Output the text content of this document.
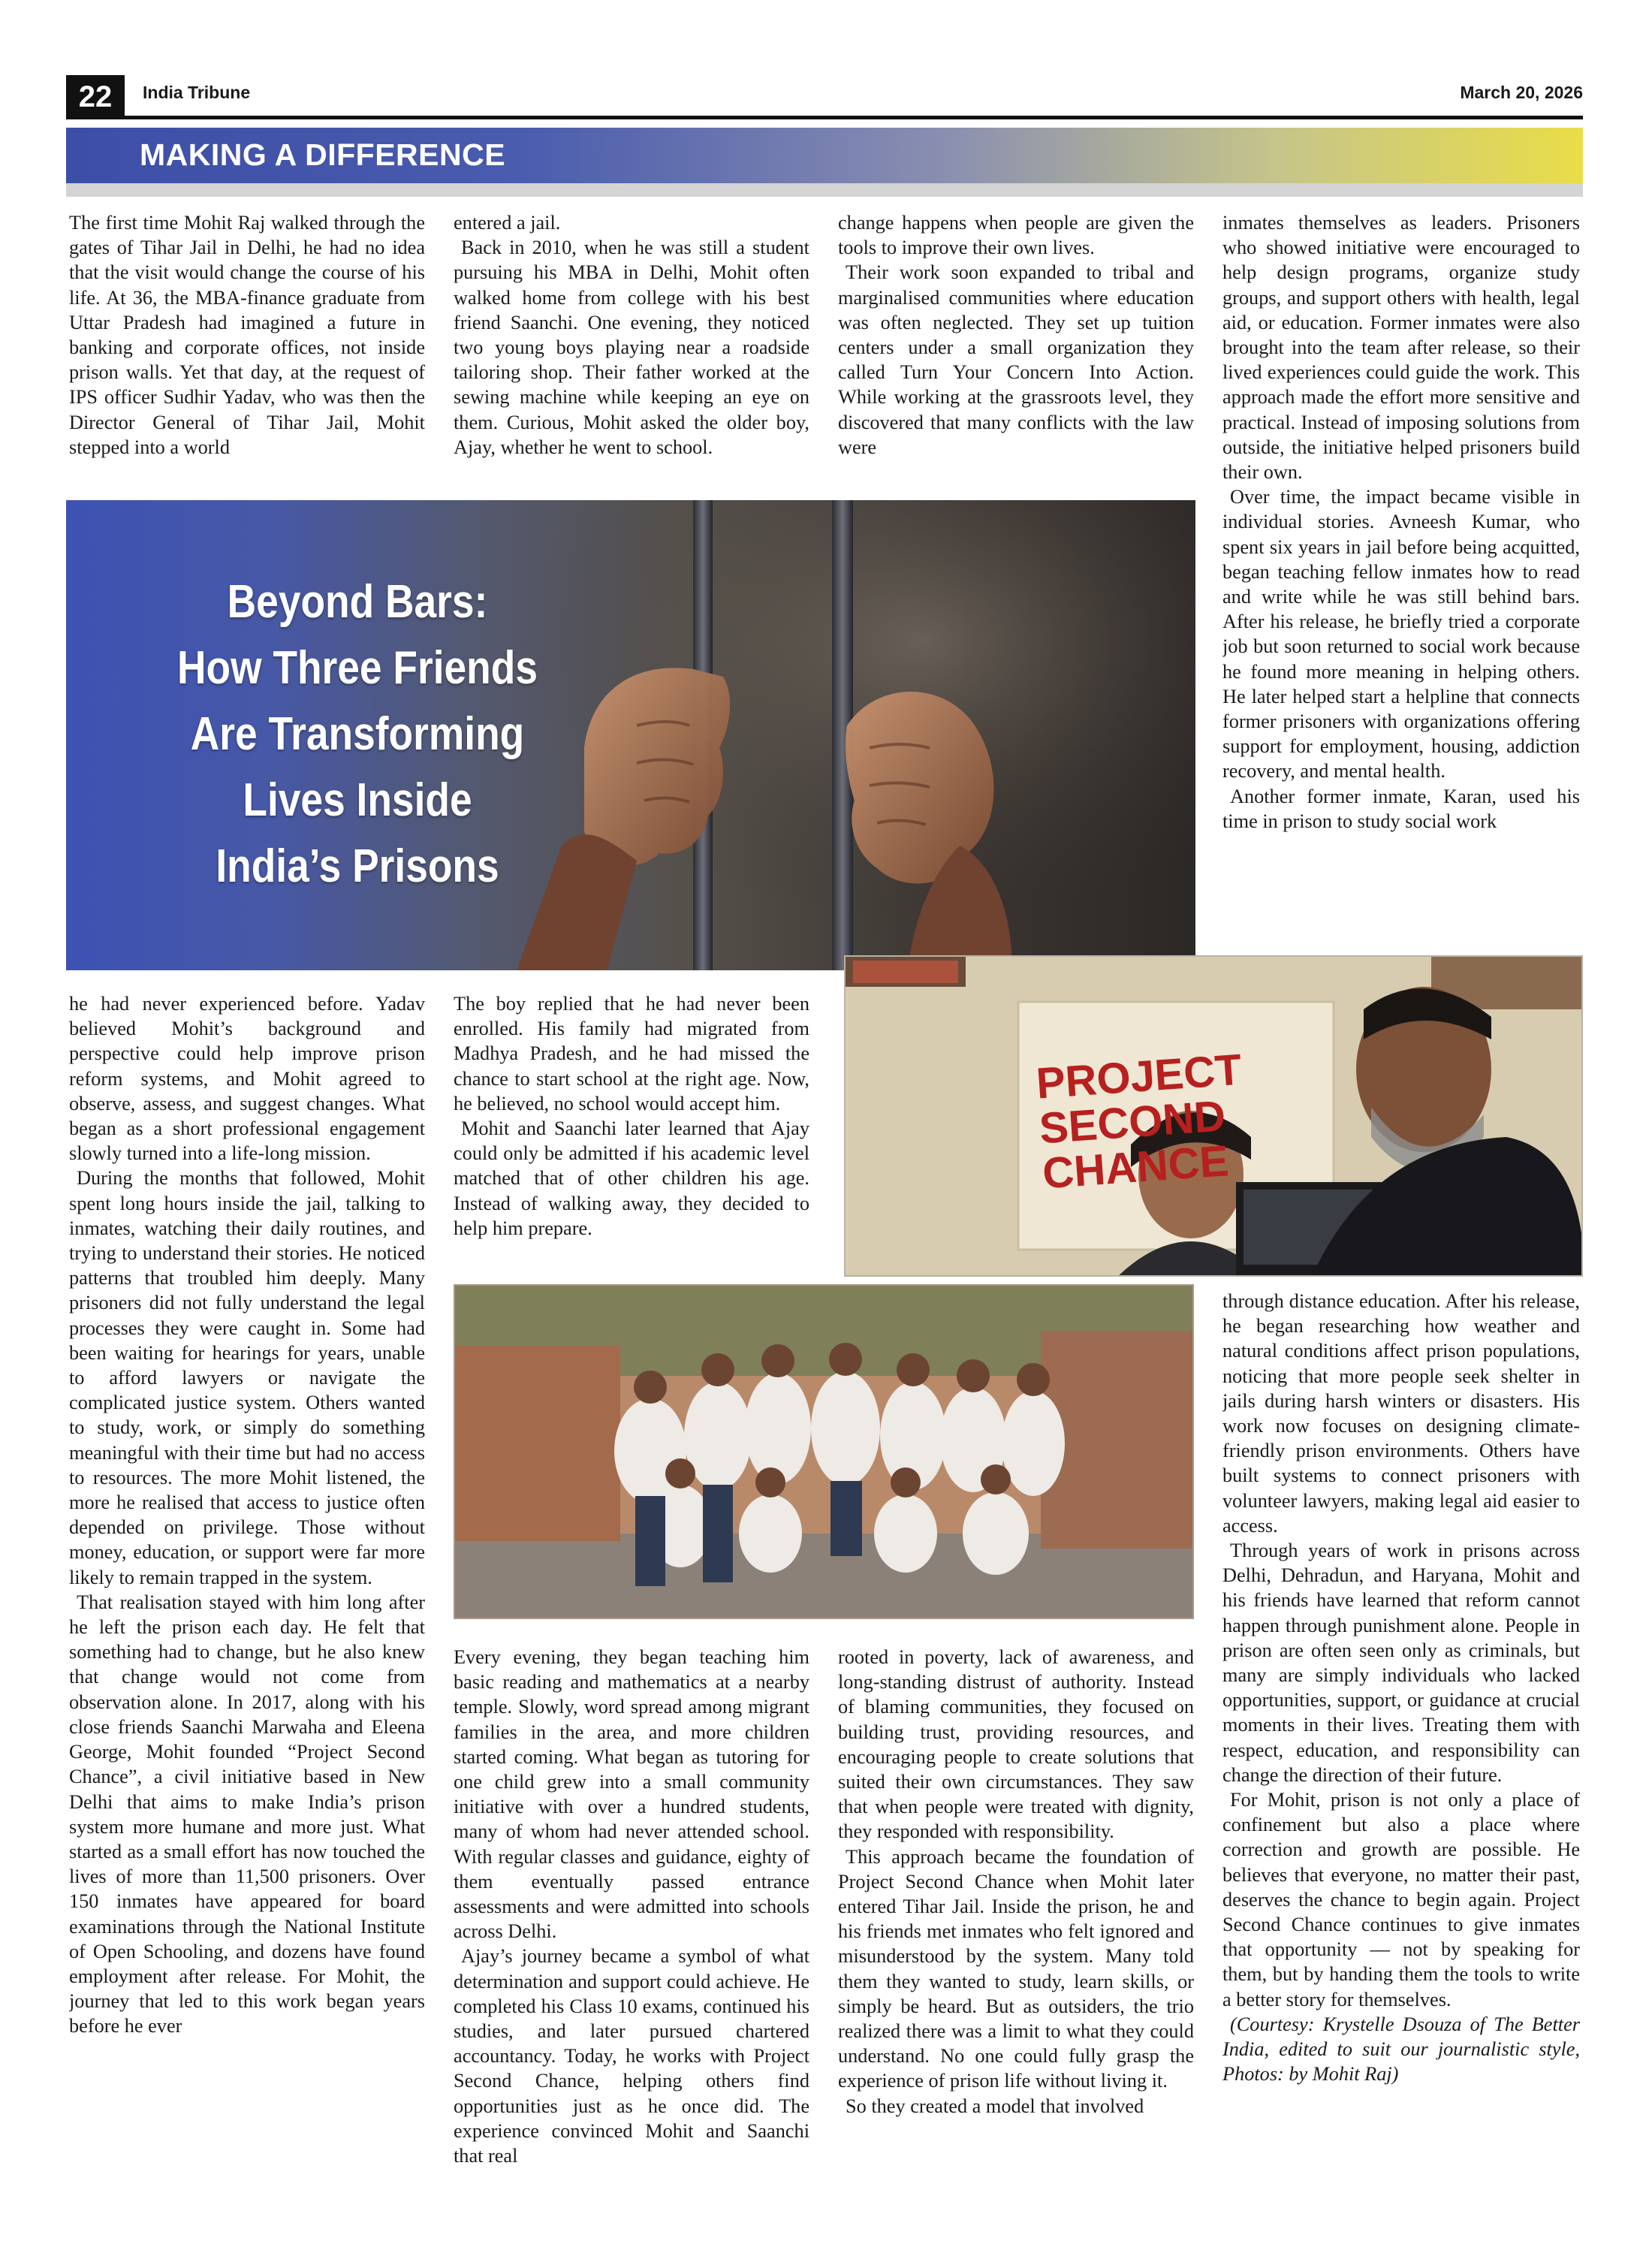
22	India Tribune	March 20, 2026
MAKING A DIFFERENCE

The first time Mohit Raj walked through the gates of Tihar Jail in Delhi, he had no idea that the visit would change the course of his life. At 36, the MBA-finance graduate from Uttar Pradesh had imagined a future in banking and corporate offices, not inside prison walls. Yet that day, at the request of IPS officer Sudhir Yadav, who was then the Director General of Tihar Jail, Mohit stepped into a world

entered a jail.

Back in 2010, when he was still a student pursuing his MBA in Delhi, Mohit often walked home from college with his best friend Saanchi. One evening, they noticed two young boys playing near a roadside tailoring shop. Their father worked at the sewing machine while keeping an eye on them. Curious, Mohit asked the older boy, Ajay, whether he went to school.

change happens when people are given the tools to improve their own lives.

Their work soon expanded to tribal and marginalised communities where education was often neglected. They set up tuition centers under a small organization they called Turn Your Concern Into Action. While working at the grassroots level, they discovered that many conflicts with the law were

inmates themselves as leaders. Prisoners who showed initiative were encouraged to help design programs, organize study groups, and support others with health, legal aid, or education. Former inmates were also brought into the team after release, so their lived experiences could guide the work. This approach made the effort more sensitive and practical. Instead of imposing solutions from outside, the initiative helped prisoners build their own.

Over time, the impact became visible in individual stories. Avneesh Kumar, who spent six years in jail before being acquitted, began teaching fellow inmates how to read and write while he was still behind bars. After his release, he briefly tried a corporate job but soon returned to social work because he found more meaning in helping others. He later helped start a helpline that connects former prisoners with organizations offering support for employment, housing, addiction recovery, and mental health.

Another former inmate, Karan, used his time in prison to study social work

Beyond Bars:
How Three Friends
Are Transforming
Lives Inside
India’s Prisons
PROJECT
SECOND
CHANCE

he had never experienced before. Yadav believed Mohit’s background and perspective could help improve prison reform systems, and Mohit agreed to observe, assess, and suggest changes. What began as a short professional engagement slowly turned into a life-long mission.

During the months that followed, Mohit spent long hours inside the jail, talking to inmates, watching their daily routines, and trying to understand their stories. He noticed patterns that troubled him deeply. Many prisoners did not fully understand the legal processes they were caught in. Some had been waiting for hearings for years, unable to afford lawyers or navigate the complicated justice system. Others wanted to study, work, or simply do something meaningful with their time but had no access to resources. The more Mohit listened, the more he realised that access to justice often depended on privilege. Those without money, education, or support were far more likely to remain trapped in the system.

That realisation stayed with him long after he left the prison each day. He felt that something had to change, but he also knew that change would not come from observation alone. In 2017, along with his close friends Saanchi Marwaha and Eleena George, Mohit founded “Project Second Chance”, a civil initiative based in New Delhi that aims to make India’s prison system more humane and more just. What started as a small effort has now touched the lives of more than 11,500 prisoners. Over 150 inmates have appeared for board examinations through the National Institute of Open Schooling, and dozens have found employment after release. For Mohit, the journey that led to this work began years before he ever

The boy replied that he had never been enrolled. His family had migrated from Madhya Pradesh, and he had missed the chance to start school at the right age. Now, he believed, no school would accept him.

Mohit and Saanchi later learned that Ajay could only be admitted if his academic level matched that of other children his age. Instead of walking away, they decided to help him prepare.

Every evening, they began teaching him basic reading and mathematics at a nearby temple. Slowly, word spread among migrant families in the area, and more children started coming. What began as tutoring for one child grew into a small community initiative with over a hundred students, many of whom had never attended school. With regular classes and guidance, eighty of them eventually passed entrance assessments and were admitted into schools across Delhi.

Ajay’s journey became a symbol of what determination and support could achieve. He completed his Class 10 exams, continued his studies, and later pursued chartered accountancy. Today, he works with Project Second Chance, helping others find opportunities just as he once did. The experience convinced Mohit and Saanchi that real

rooted in poverty, lack of awareness, and long-standing distrust of authority. Instead of blaming communities, they focused on building trust, providing resources, and encouraging people to create solutions that suited their own circumstances. They saw that when people were treated with dignity, they responded with responsibility.

This approach became the foundation of Project Second Chance when Mohit later entered Tihar Jail. Inside the prison, he and his friends met inmates who felt ignored and misunderstood by the system. Many told them they wanted to study, learn skills, or simply be heard. But as outsiders, the trio realized there was a limit to what they could understand. No one could fully grasp the experience of prison life without living it.

So they created a model that involved

through distance education. After his release, he began researching how weather and natural conditions affect prison populations, noticing that more people seek shelter in jails during harsh winters or disasters. His work now focuses on designing climate-friendly prison environments. Others have built systems to connect prisoners with volunteer lawyers, making legal aid easier to access.

Through years of work in prisons across Delhi, Dehradun, and Haryana, Mohit and his friends have learned that reform cannot happen through punishment alone. People in prison are often seen only as criminals, but many are simply individuals who lacked opportunities, support, or guidance at crucial moments in their lives. Treating them with respect, education, and responsibility can change the direction of their future.

For Mohit, prison is not only a place of confinement but also a place where correction and growth are possible. He believes that everyone, no matter their past, deserves the chance to begin again. Project Second Chance continues to give inmates that opportunity — not by speaking for them, but by handing them the tools to write a better story for themselves.

(Courtesy: Krystelle Dsouza of The Better India, edited to suit our journalistic style, Photos: by Mohit Raj)
